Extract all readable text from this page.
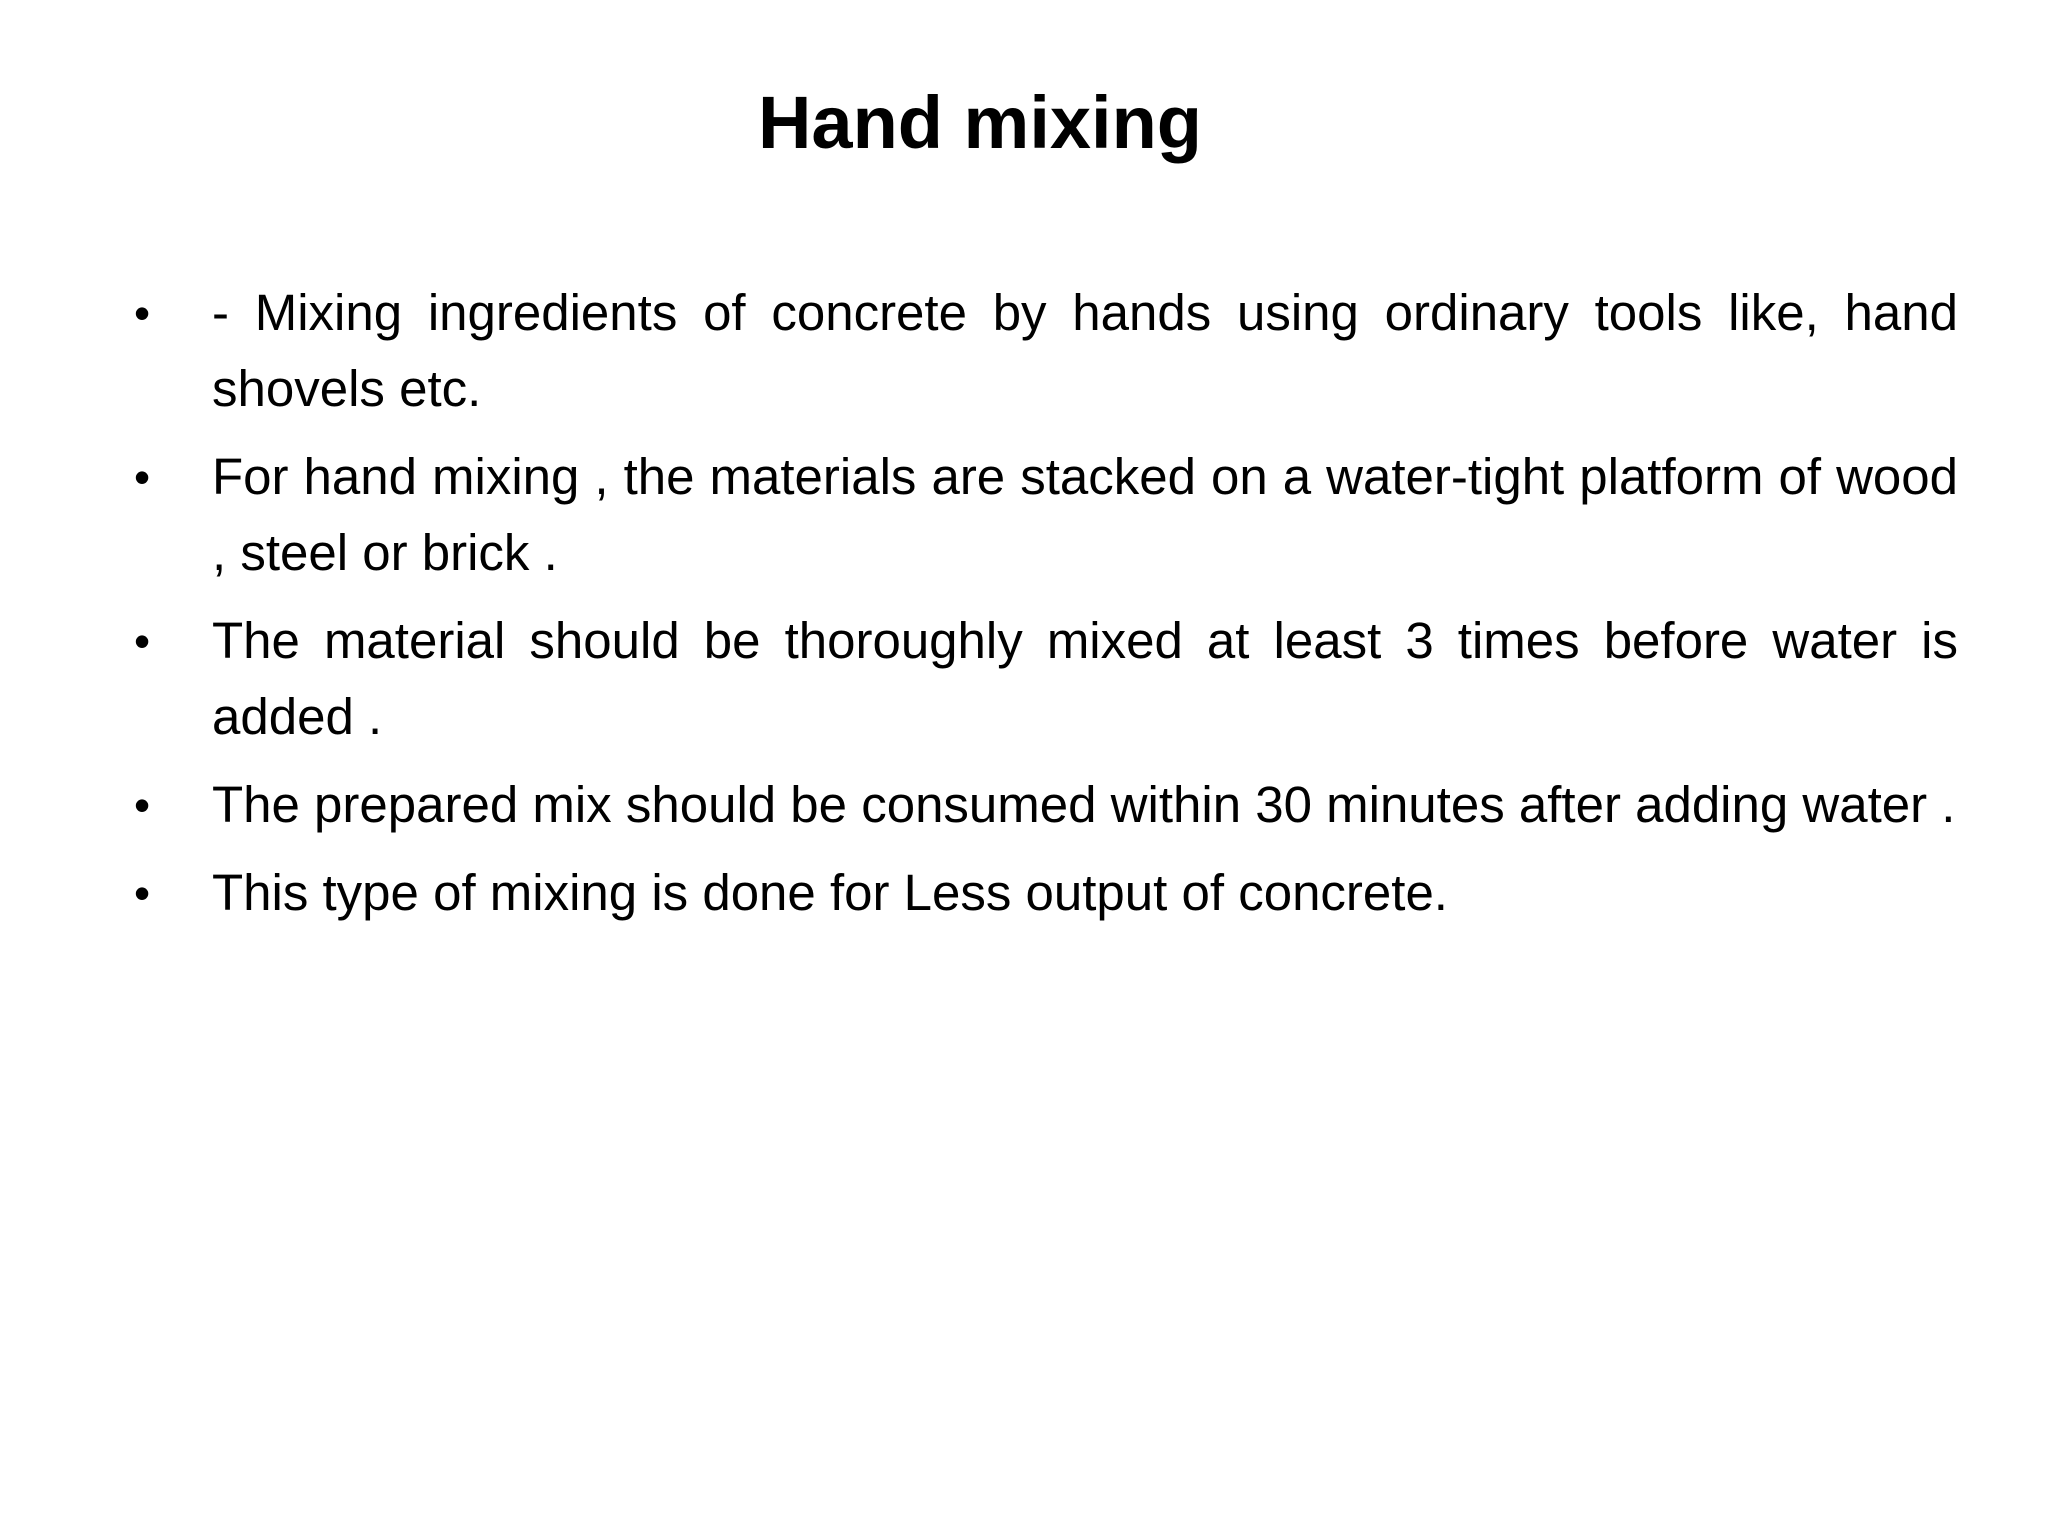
Hand mixing
• - Mixing ingredients of concrete by hands using ordinary tools like, hand shovels etc.
• For hand mixing , the materials are stacked on a water-tight platform of wood , steel or brick .
• The material should be thoroughly mixed at least 3 times before water is added .
• The prepared mix should be consumed within 30 minutes after adding water .
• This type of mixing is done for Less output of concrete.
